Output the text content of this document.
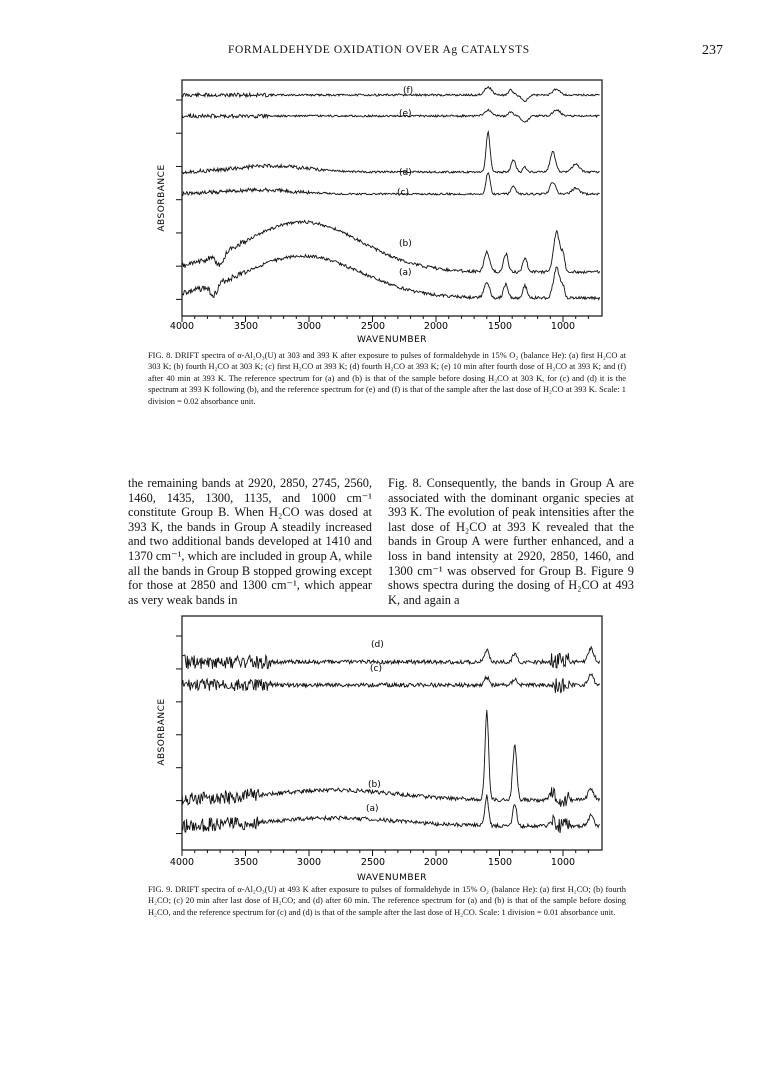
FORMALDEHYDE OXIDATION OVER Ag CATALYSTS	237
4000	3500	3000	2500	2000	1500	1000
WAVENUMBER
ABSORBANCE
(f)
(e)
(d)
(c)
(b)
(a)
FIG. 8. DRIFT spectra of α-Al₂O₃(U) at 303 and 393 K after exposure to pulses of formaldehyde in 15% O₂ (balance He): (a) first H₂CO at 303 K; (b) fourth H₂CO at 303 K; (c) first H₂CO at 393 K; (d) fourth H₂CO at 393 K; (e) 10 min after fourth dose of H₂CO at 393 K; and (f) after 40 min at 393 K. The reference spectrum for (a) and (b) is that of the sample before dosing H₂CO at 303 K, for (c) and (d) it is the spectrum at 393 K following (b), and the reference spectrum for (e) and (f) is that of the sample after the last dose of H₂CO at 393 K. Scale: 1 division = 0.02 absorbance unit.

the remaining bands at 2920, 2850, 2745, 2560, 1460, 1435, 1300, 1135, and 1000 cm⁻¹ constitute Group B. When H₂CO was dosed at 393 K, the bands in Group A steadily increased and two additional bands developed at 1410 and 1370 cm⁻¹, which are included in group A, while all the bands in Group B stopped growing except for those at 2850 and 1300 cm⁻¹, which appear as very weak bands in

Fig. 8. Consequently, the bands in Group A are associated with the dominant organic species at 393 K. The evolution of peak intensities after the last dose of H₂CO at 393 K revealed that the bands in Group A were further enhanced, and a loss in band intensity at 2920, 2850, 1460, and 1300 cm⁻¹ was observed for Group B. Figure 9 shows spectra during the dosing of H₂CO at 493 K, and again a

4000	3500	3000	2500	2000	1500	1000
WAVENUMBER
ABSORBANCE
(d)
(c)
(b)
(a)
FIG. 9. DRIFT spectra of α-Al₂O₃(U) at 493 K after exposure to pulses of formaldehyde in 15% O₂ (balance He): (a) first H₂CO; (b) fourth H₂CO; (c) 20 min after last dose of H₂CO; and (d) after 60 min. The reference spectrum for (a) and (b) is that of the sample before dosing H₂CO, and the reference spectrum for (c) and (d) is that of the sample after the last dose of H₂CO. Scale: 1 division = 0.01 absorbance unit.
